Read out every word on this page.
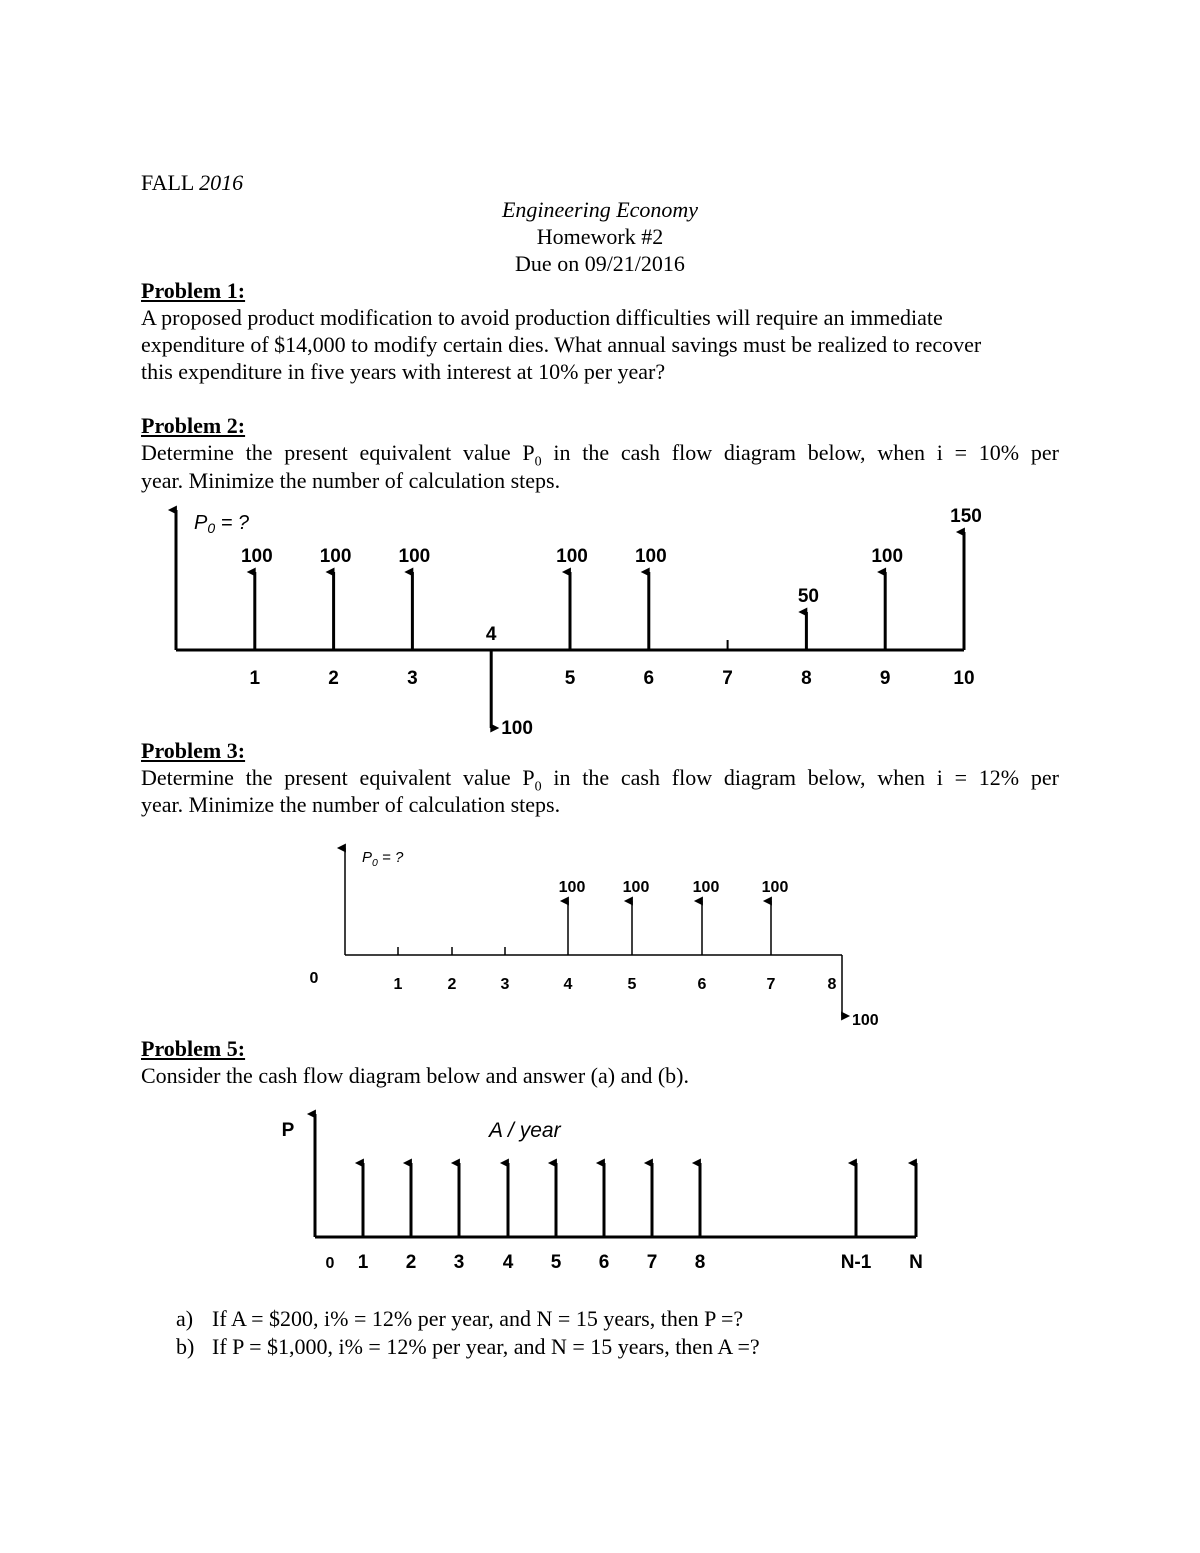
FALL 2016
Engineering Economy
Homework #2
Due on 09/21/2016
Problem 1:
A proposed product modification to avoid production difficulties will require an immediate
expenditure of $14,000 to modify certain dies. What annual savings must be realized to recover
this expenditure in five years with interest at 10% per year?
Problem 2:
Determine the present equivalent value $P_0$ in the cash flow diagram below, when i = 10% per
year. Minimize the number of calculation steps.
$P_0$ = ?
100
1
100
2
100
3
100
4
100
5
100
6	7
50
8
100
9
150
10
$P_0$ = ?
0	1	2	3
100
4
100
5
100
6
100
7
100
8
P	A / year
0 1 2 3 4 5 6 7 8	N-1 N
Problem 3:
Determine the present equivalent value $P_0$ in the cash flow diagram below, when i = 12% per
year. Minimize the number of calculation steps.
Problem 5:
Consider the cash flow diagram below and answer (a) and (b).
a) If A = $200, i% = 12% per year, and N = 15 years, then P =?
b) If P = $1,000, i% = 12% per year, and N = 15 years, then A =?
